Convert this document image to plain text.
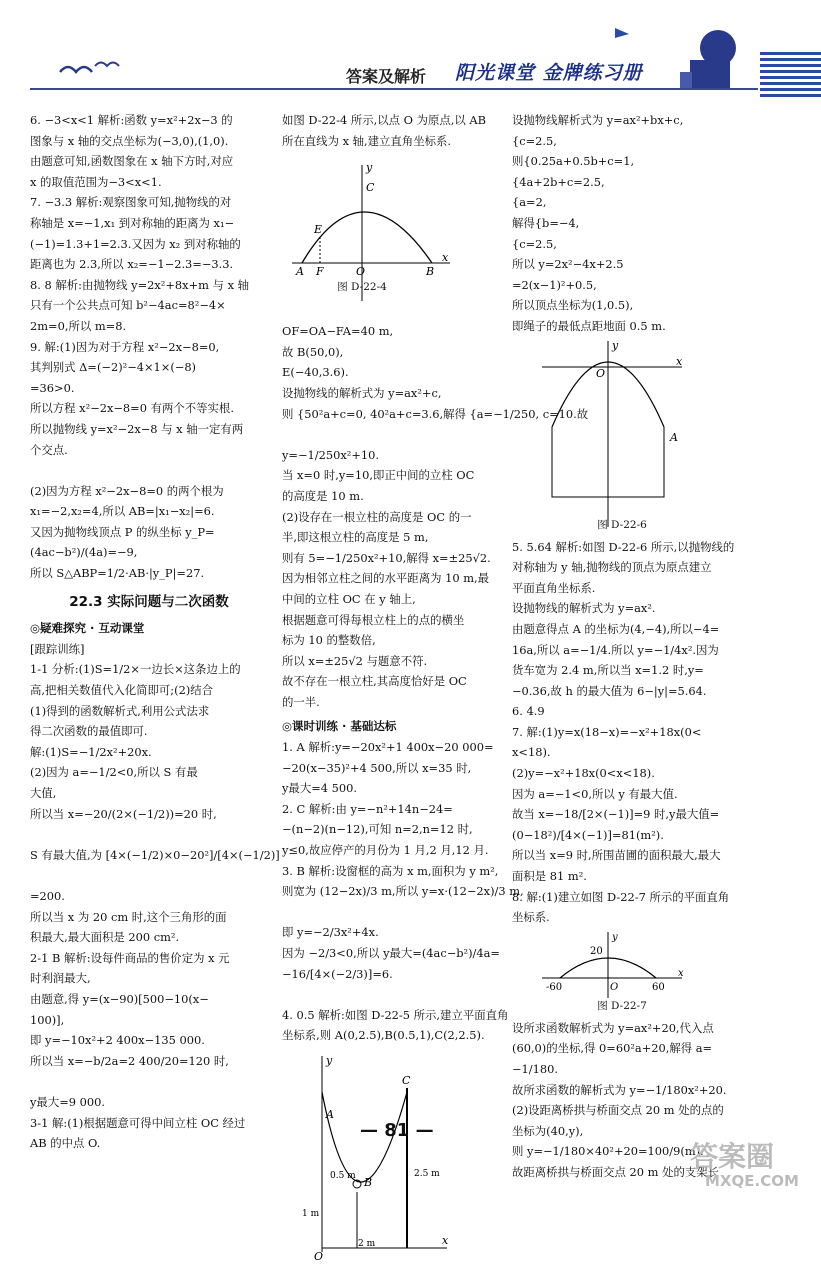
答案及解析 阳光课堂 金牌练习册
6. −3<x<1 解析:函数 y=x²+2x−3 的
图象与 x 轴的交点坐标为(−3,0),(1,0).
由题意可知,函数图象在 x 轴下方时,对应
x 的取值范围为−3<x<1.
7. −3.3 解析:观察图象可知,抛物线的对
称轴是 x=−1,x₁ 到对称轴的距离为 x₁−
(−1)=1.3+1=2.3.又因为 x₂ 到对称轴的
距离也为 2.3,所以 x₂=−1−2.3=−3.3.
8. 8 解析:由抛物线 y=2x²+8x+m 与 x 轴
只有一个公共点可知 b²−4ac=8²−4×
2m=0,所以 m=8.
9. 解:(1)因为对于方程 x²−2x−8=0,
其判别式 Δ=(−2)²−4×1×(−8)
=36>0.
所以方程 x²−2x−8=0 有两个不等实根.
所以抛物线 y=x²−2x−8 与 x 轴一定有两
个交点.

(2)因为方程 x²−2x−8=0 的两个根为
x₁=−2,x₂=4,所以 AB=|x₁−x₂|=6.
又因为抛物线顶点 P 的纵坐标 y_P=
(4ac−b²)/(4a)=−9,
所以 S△ABP=1/2·AB·|y_P|=27.
22.3 实际问题与二次函数
◎疑难探究 · 互动课堂
[跟踪训练]
1-1 分析:(1)S=1/2×一边长×这条边上的
高,把相关数值代入化简即可;(2)结合
(1)得到的函数解析式,利用公式法求
得二次函数的最值即可.
解:(1)S=−1/2x²+20x.
(2)因为 a=−1/2<0,所以 S 有最
大值,
所以当 x=−20/(2×(−1/2))=20 时,

S 有最大值,为 [4×(−1/2)×0−20²]/[4×(−1/2)]

=200.
所以当 x 为 20 cm 时,这个三角形的面
积最大,最大面积是 200 cm².
2-1 B 解析:设每件商品的售价定为 x 元
时利润最大,
由题意,得 y=(x−90)[500−10(x−
100)],
即 y=−10x²+2 400x−135 000.
所以当 x=−b/2a=2 400/20=120 时,

y最大=9 000.
3-1 解:(1)根据题意可得中间立柱 OC 经过
AB 的中点 O.
如图 D-22-4 所示,以点 O 为原点,以 AB
所在直线为 x 轴,建立直角坐标系.
y
x
E
A F	O	B
C
图 D-22-4
OF=OA−FA=40 m,
故 B(50,0),
E(−40,3.6).
设抛物线的解析式为 y=ax²+c,
则 {50²a+c=0, 40²a+c=3.6,解得 {a=−1/250, c=10.故

y=−1/250x²+10.
当 x=0 时,y=10,即正中间的立柱 OC
的高度是 10 m.
(2)设存在一根立柱的高度是 OC 的一
半,即这根立柱的高度是 5 m,
则有 5=−1/250x²+10,解得 x=±25√2.
因为相邻立柱之间的水平距离为 10 m,最
中间的立柱 OC 在 y 轴上,
根据题意可得每根立柱上的点的横坐
标为 10 的整数倍,
所以 x=±25√2 与题意不符.
故不存在一根立柱,其高度恰好是 OC
的一半.
◎课时训练 · 基础达标
1. A 解析:y=−20x²+1 400x−20 000=
−20(x−35)²+4 500,所以 x=35 时,
y最大=4 500.
2. C 解析:由 y=−n²+14n−24=
−(n−2)(n−12),可知 n=2,n=12 时,
y≤0,故应停产的月份为 1 月,2 月,12 月.
3. B 解析:设窗框的高为 x m,面积为 y m²,
则宽为 (12−2x)/3 m,所以 y=x·(12−2x)/3 m,

即 y=−2/3x²+4x.
因为 −2/3<0,所以 y最大=(4ac−b²)/4a=
−16/[4×(−2/3)]=6.

4. 0.5 解析:如图 D-22-5 所示,建立平面直角
坐标系,则 A(0,2.5),B(0.5,1),C(2,2.5).
y
x
A
B
C
O
0.5 m	2.5 m
1 m
2 m
设抛物线解析式为 y=ax²+bx+c,
{c=2.5,
则{0.25a+0.5b+c=1,
{4a+2b+c=2.5,
{a=2,
解得{b=−4,
{c=2.5,
所以 y=2x²−4x+2.5
=2(x−1)²+0.5,
所以顶点坐标为(1,0.5),
即绳子的最低点距地面 0.5 m.
y
x
O
A
图 D-22-6
5. 5.64 解析:如图 D-22-6 所示,以抛物线的
对称轴为 y 轴,抛物线的顶点为原点建立
平面直角坐标系.
设抛物线的解析式为 y=ax².
由题意得点 A 的坐标为(4,−4),所以−4=
16a,所以 a=−1/4.所以 y=−1/4x².因为
货车宽为 2.4 m,所以当 x=1.2 时,y=
−0.36,故 h 的最大值为 6−|y|=5.64.
6. 4.9
7. 解:(1)y=x(18−x)=−x²+18x(0<
x<18).
(2)y=−x²+18x(0<x<18).
因为 a=−1<0,所以 y 有最大值.
故当 x=−18/[2×(−1)]=9 时,y最大值=
(0−18²)/[4×(−1)]=81(m²).
所以当 x=9 时,所围苗圃的面积最大,最大
面积是 81 m².
8. 解:(1)建立如图 D-22-7 所示的平面直角
坐标系.
y
x
20
-60	60
O
图 D-22-7
设所求函数解析式为 y=ax²+20,代入点
(60,0)的坐标,得 0=60²a+20,解得 a=
−1/180.
故所求函数的解析式为 y=−1/180x²+20.
(2)设距离桥拱与桥面交点 20 m 处的点的
坐标为(40,y),
则 y=−1/180×40²+20=100/9(m).
故距离桥拱与桥面交点 20 m 处的支架长
— 81 —
答案圈
MXQE.COM
